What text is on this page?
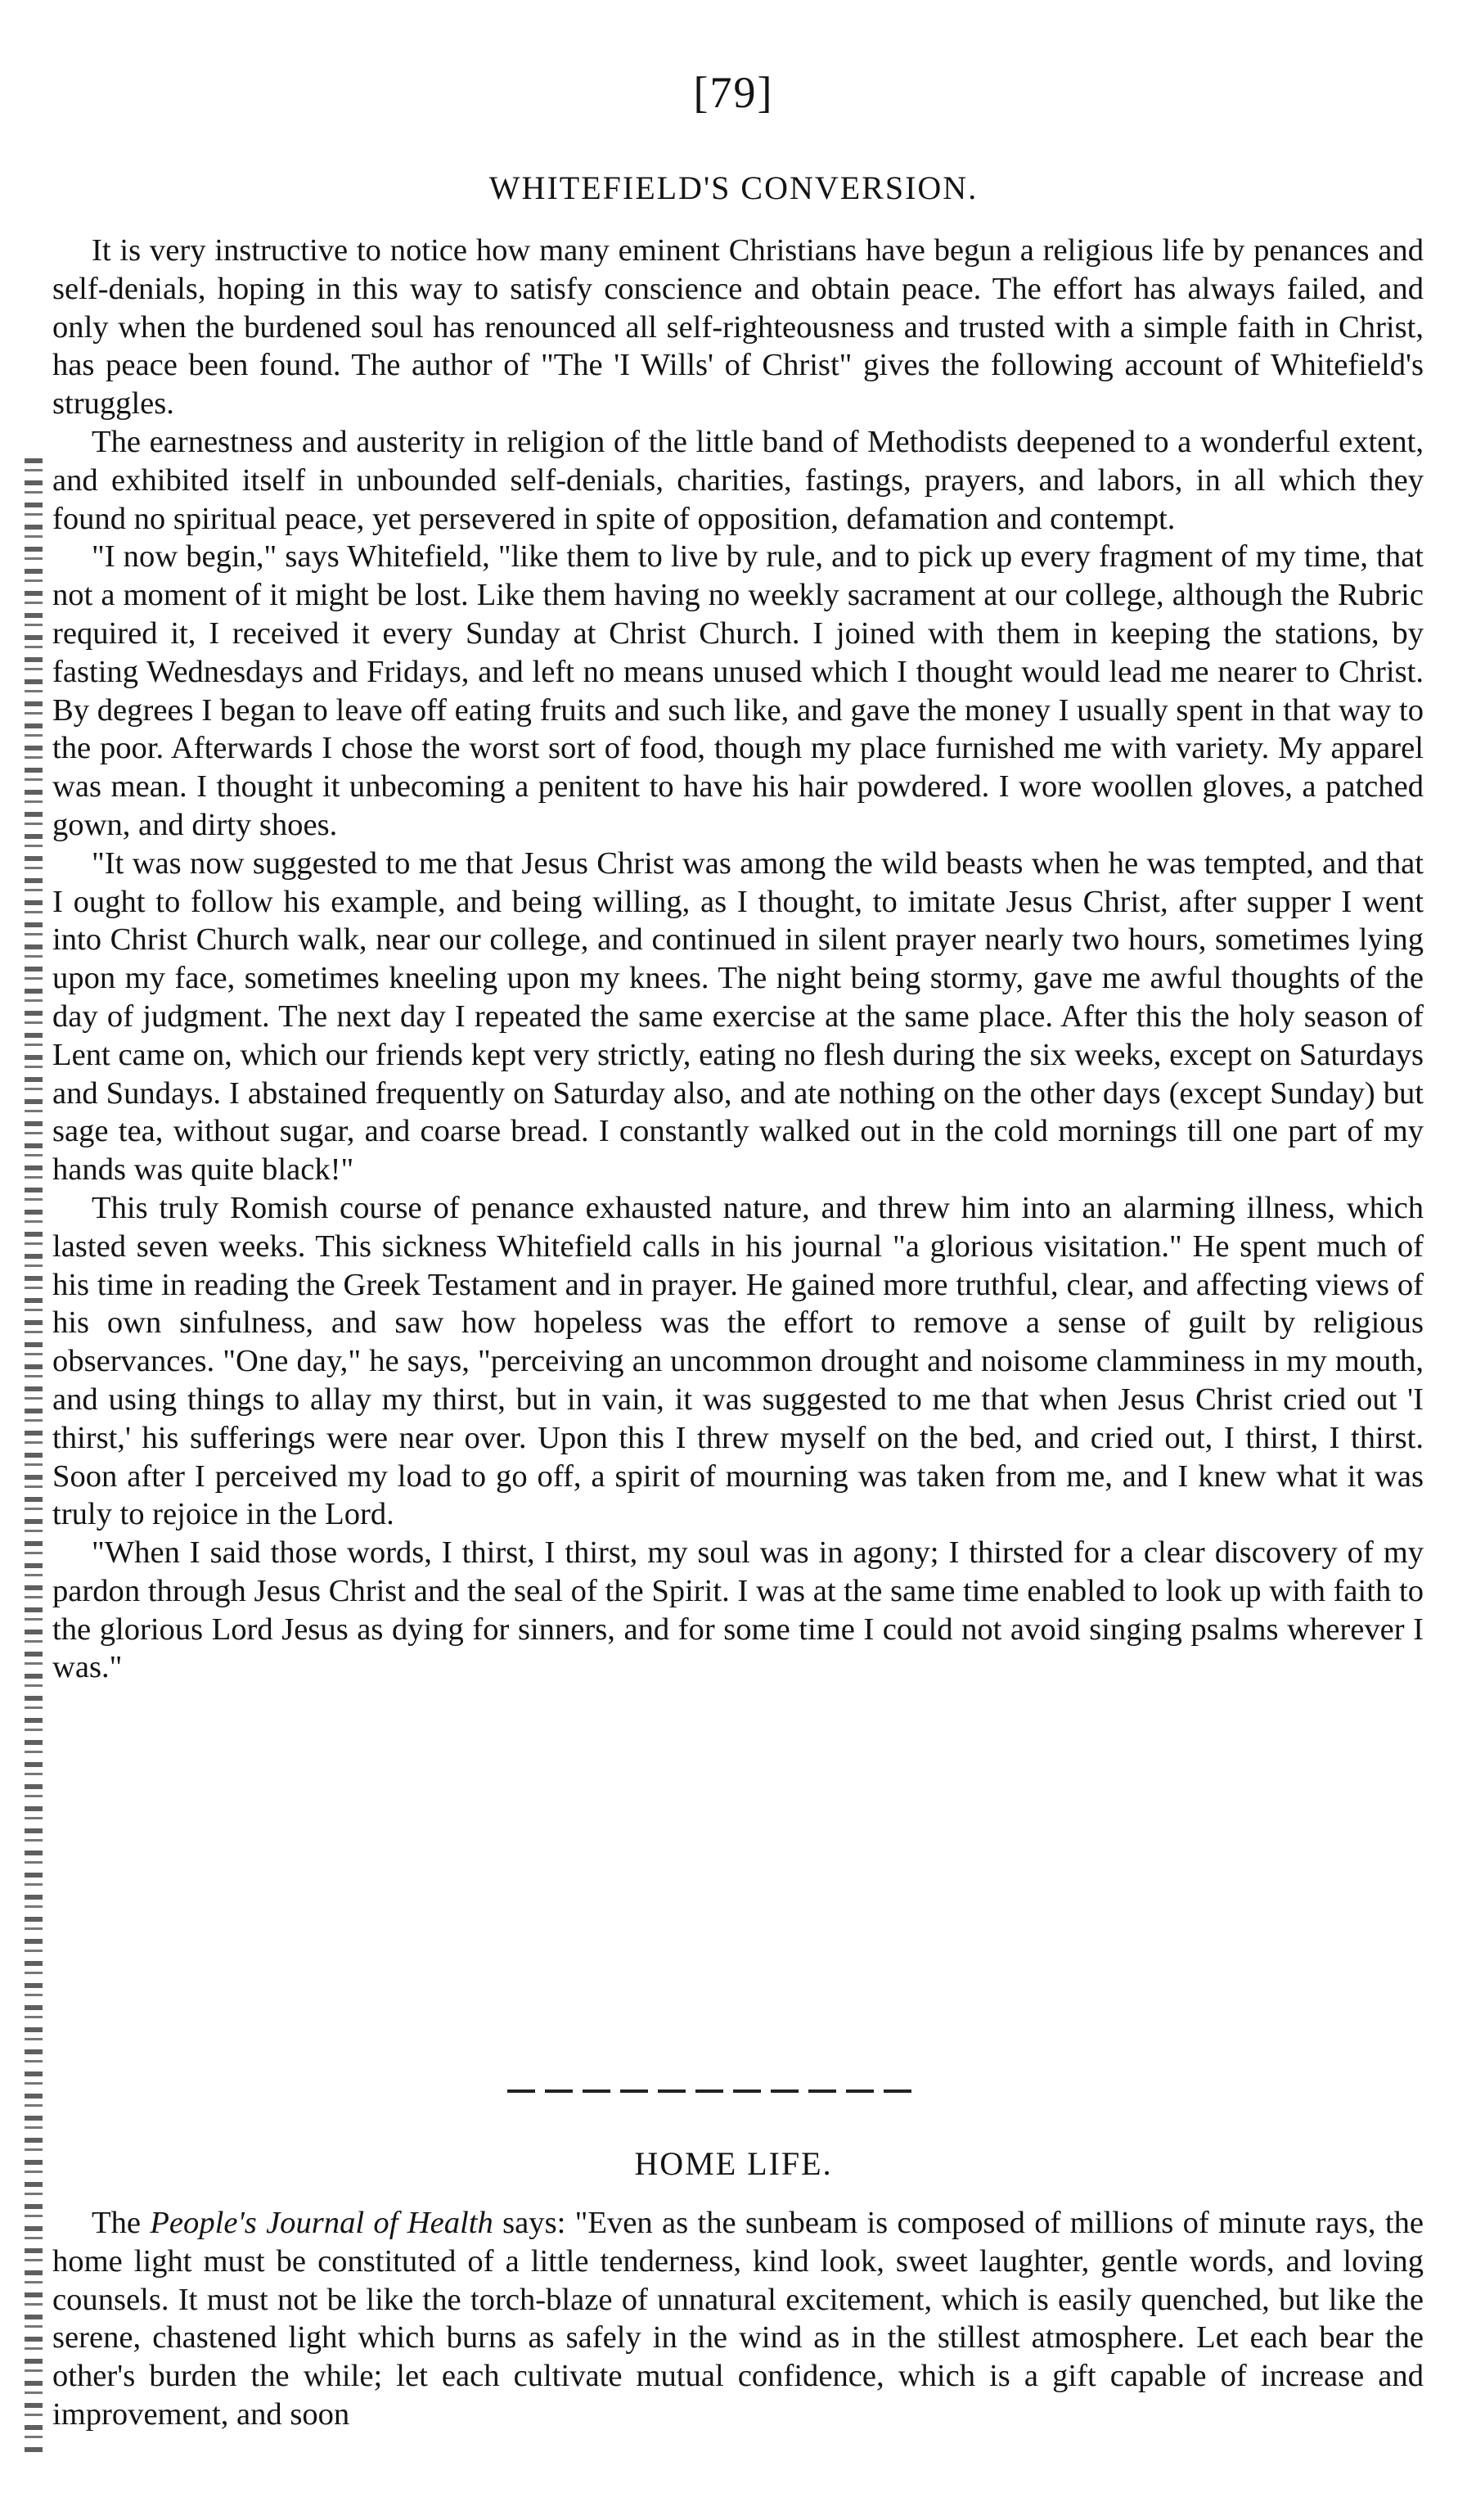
[79]
WHITEFIELD'S CONVERSION.

It is very instructive to notice how many eminent Christians have begun a religious life by penances and self-denials, hoping in this way to satisfy conscience and obtain peace. The effort has always failed, and only when the burdened soul has renounced all self-righteousness and trusted with a simple faith in Christ, has peace been found. The author of "The 'I Wills' of Christ" gives the following account of Whitefield's struggles.

The earnestness and austerity in religion of the little band of Methodists deepened to a wonderful extent, and exhibited itself in unbounded self-denials, charities, fastings, prayers, and labors, in all which they found no spiritual peace, yet persevered in spite of opposition, defamation and contempt.

"I now begin," says Whitefield, "like them to live by rule, and to pick up every fragment of my time, that not a moment of it might be lost. Like them having no weekly sacrament at our college, although the Rubric required it, I received it every Sunday at Christ Church. I joined with them in keeping the stations, by fasting Wednesdays and Fridays, and left no means unused which I thought would lead me nearer to Christ. By degrees I began to leave off eating fruits and such like, and gave the money I usually spent in that way to the poor. Afterwards I chose the worst sort of food, though my place furnished me with variety. My apparel was mean. I thought it unbecoming a penitent to have his hair powdered. I wore woollen gloves, a patched gown, and dirty shoes.

"It was now suggested to me that Jesus Christ was among the wild beasts when he was tempted, and that I ought to follow his example, and being willing, as I thought, to imitate Jesus Christ, after supper I went into Christ Church walk, near our college, and continued in silent prayer nearly two hours, sometimes lying upon my face, sometimes kneeling upon my knees. The night being stormy, gave me awful thoughts of the day of judgment. The next day I repeated the same exercise at the same place. After this the holy season of Lent came on, which our friends kept very strictly, eating no flesh during the six weeks, except on Saturdays and Sundays. I abstained frequently on Saturday also, and ate nothing on the other days (except Sunday) but sage tea, without sugar, and coarse bread. I constantly walked out in the cold mornings till one part of my hands was quite black!"

This truly Romish course of penance exhausted nature, and threw him into an alarming illness, which lasted seven weeks. This sickness Whitefield calls in his journal "a glorious visitation." He spent much of his time in reading the Greek Testament and in prayer. He gained more truthful, clear, and affecting views of his own sinfulness, and saw how hopeless was the effort to remove a sense of guilt by religious observances. "One day," he says, "perceiving an uncommon drought and noisome clamminess in my mouth, and using things to allay my thirst, but in vain, it was suggested to me that when Jesus Christ cried out 'I thirst,' his sufferings were near over. Upon this I threw myself on the bed, and cried out, I thirst, I thirst. Soon after I perceived my load to go off, a spirit of mourning was taken from me, and I knew what it was truly to rejoice in the Lord.

"When I said those words, I thirst, I thirst, my soul was in agony; I thirsted for a clear discovery of my pardon through Jesus Christ and the seal of the Spirit. I was at the same time enabled to look up with faith to the glorious Lord Jesus as dying for sinners, and for some time I could not avoid singing psalms wherever I was."

HOME LIFE.

The People's Journal of Health says: "Even as the sunbeam is composed of millions of minute rays, the home light must be constituted of a little tenderness, kind look, sweet laughter, gentle words, and loving counsels. It must not be like the torch-blaze of unnatural excitement, which is easily quenched, but like the serene, chastened light which burns as safely in the wind as in the stillest atmosphere. Let each bear the other's burden the while; let each cultivate mutual confidence, which is a gift capable of increase and improvement, and soon
